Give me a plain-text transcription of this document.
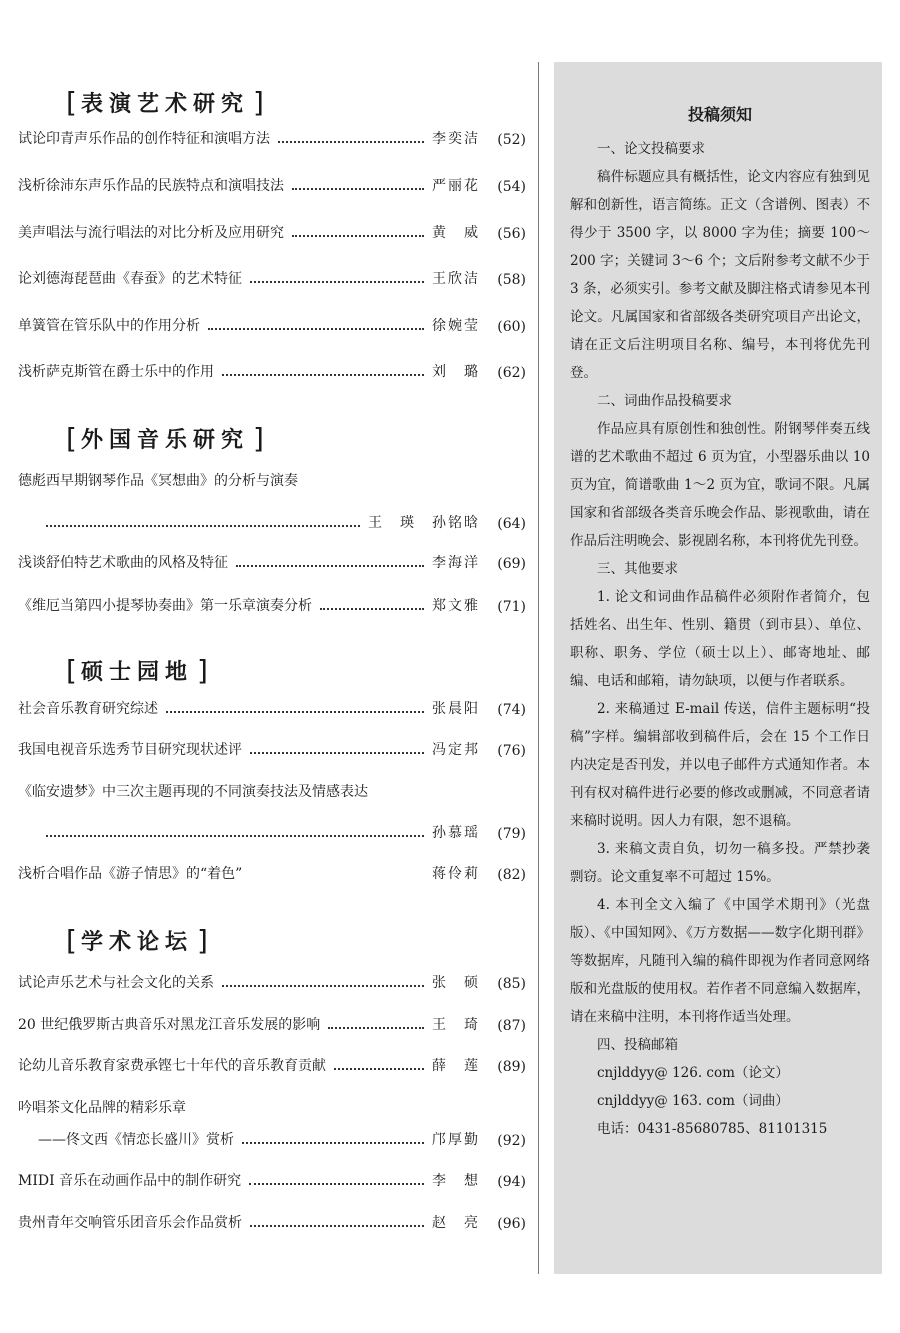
[ 表演艺术研究 ]
试论印青声乐作品的创作特征和演唱方法	李奕洁	(52)
浅析徐沛东声乐作品的民族特点和演唱技法	严丽花	(54)
美声唱法与流行唱法的对比分析及应用研究	黄　威	(56)
论刘德海琵琶曲《春蚕》的艺术特征	王欣洁	(58)
单簧管在管乐队中的作用分析	徐婉莹	(60)
浅析萨克斯管在爵士乐中的作用	刘　璐	(62)
[ 外国音乐研究 ]
德彪西早期钢琴作品《冥想曲》的分析与演奏
王　瑛　孙铭晗	(64)
浅谈舒伯特艺术歌曲的风格及特征	李海洋	(69)
《维厄当第四小提琴协奏曲》第一乐章演奏分析	郑文雅	(71)
[ 硕士园地 ]
社会音乐教育研究综述	张晨阳	(74)
我国电视音乐选秀节目研究现状述评	冯定邦	(76)
《临安遗梦》中三次主题再现的不同演奏技法及情感表达
孙慕瑶	(79)
浅析合唱作品《游子情思》的“着色”	蒋伶莉	(82)
[ 学术论坛 ]
试论声乐艺术与社会文化的关系	张　硕	(85)
20 世纪俄罗斯古典音乐对黑龙江音乐发展的影响	王　琦	(87)
论幼儿音乐教育家费承铿七十年代的音乐教育贡献	薛　莲	(89)
吟唱茶文化品牌的精彩乐章
——佟文西《情恋长盛川》赏析	邝厚勤	(92)
MIDI 音乐在动画作品中的制作研究	李　想	(94)
贵州青年交响管乐团音乐会作品赏析	赵　亮	(96)
投稿须知
一、论文投稿要求

稿件标题应具有概括性，论文内容应有独到见解和创新性，语言简练。正文（含谱例、图表）不得少于 3500 字，以 8000 字为佳；摘要 100～200 字；关键词 3～6 个；文后附参考文献不少于 3 条，必须实引。参考文献及脚注格式请参见本刊论文。凡属国家和省部级各类研究项目产出论文，请在正文后注明项目名称、编号，本刊将优先刊登。

二、词曲作品投稿要求

作品应具有原创性和独创性。附钢琴伴奏五线谱的艺术歌曲不超过 6 页为宜，小型器乐曲以 10 页为宜，简谱歌曲 1～2 页为宜，歌词不限。凡属国家和省部级各类音乐晚会作品、影视歌曲，请在作品后注明晚会、影视剧名称，本刊将优先刊登。

三、其他要求

1. 论文和词曲作品稿件必须附作者简介，包括姓名、出生年、性别、籍贯（到市县）、单位、职称、职务、学位（硕士以上）、邮寄地址、邮编、电话和邮箱，请勿缺项，以便与作者联系。

2. 来稿通过 E-mail 传送，信件主题标明“投稿”字样。编辑部收到稿件后，会在 15 个工作日内决定是否刊发，并以电子邮件方式通知作者。本刊有权对稿件进行必要的修改或删减，不同意者请来稿时说明。因人力有限，恕不退稿。

3. 来稿文责自负，切勿一稿多投。严禁抄袭剽窃。论文重复率不可超过 15%。

4. 本刊全文入编了《中国学术期刊》（光盘版）、《中国知网》、《万方数据——数字化期刊群》等数据库，凡随刊入编的稿件即视为作者同意网络版和光盘版的使用权。若作者不同意编入数据库，请在来稿中注明，本刊将作适当处理。

四、投稿邮箱
cnjlddyy@ 126. com（论文）
cnjlddyy@ 163. com（词曲）
电话：0431-85680785、81101315
